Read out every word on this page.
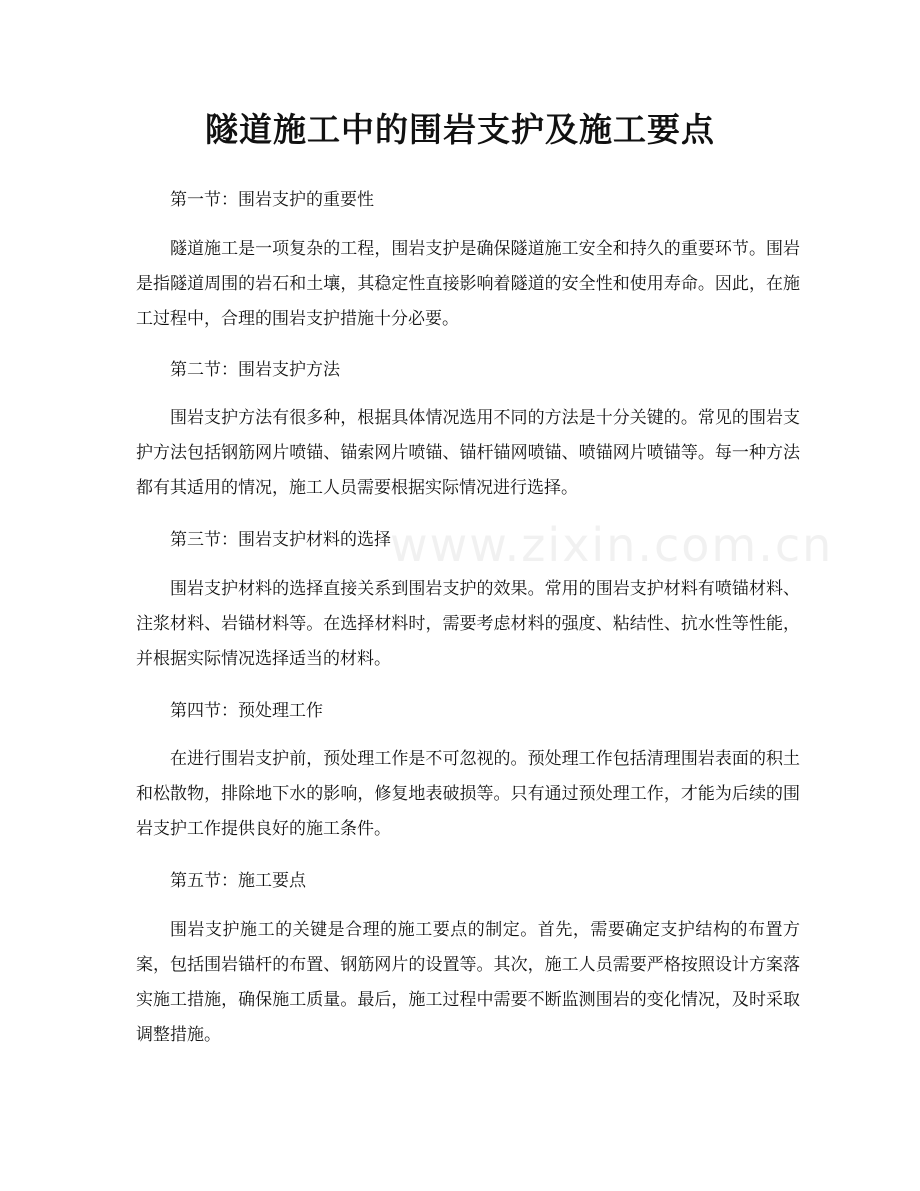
隧道施工中的围岩支护及施工要点
www.zixin.com.cn

第一节：围岩支护的重要性

隧道施工是一项复杂的工程，围岩支护是确保隧道施工安全和持久的重要环节。围岩是指隧道周围的岩石和土壤，其稳定性直接影响着隧道的安全性和使用寿命。因此，在施工过程中，合理的围岩支护措施十分必要。

第二节：围岩支护方法

围岩支护方法有很多种，根据具体情况选用不同的方法是十分关键的。常见的围岩支护方法包括钢筋网片喷锚、锚索网片喷锚、锚杆锚网喷锚、喷锚网片喷锚等。每一种方法都有其适用的情况，施工人员需要根据实际情况进行选择。

第三节：围岩支护材料的选择

围岩支护材料的选择直接关系到围岩支护的效果。常用的围岩支护材料有喷锚材料、注浆材料、岩锚材料等。在选择材料时，需要考虑材料的强度、粘结性、抗水性等性能，并根据实际情况选择适当的材料。

第四节：预处理工作

在进行围岩支护前，预处理工作是不可忽视的。预处理工作包括清理围岩表面的积土和松散物，排除地下水的影响，修复地表破损等。只有通过预处理工作，才能为后续的围岩支护工作提供良好的施工条件。

第五节：施工要点

围岩支护施工的关键是合理的施工要点的制定。首先，需要确定支护结构的布置方案，包括围岩锚杆的布置、钢筋网片的设置等。其次，施工人员需要严格按照设计方案落实施工措施，确保施工质量。最后，施工过程中需要不断监测围岩的变化情况，及时采取调整措施。
